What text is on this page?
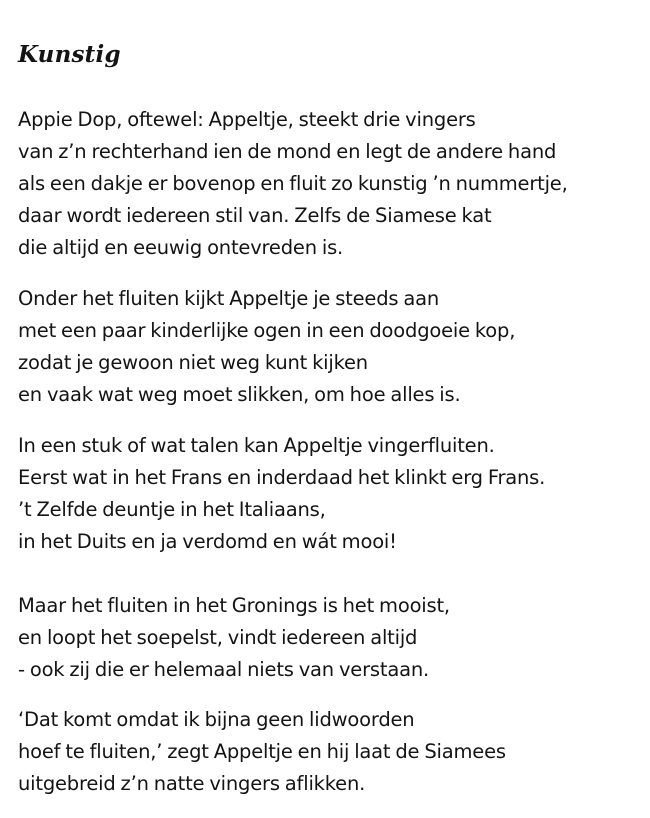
Kunstig
Appie Dop, oftewel: Appeltje, steekt drie vingers
van z’n rechterhand ien de mond en legt de andere hand
als een dakje er bovenop en fluit zo kunstig ’n nummertje,
daar wordt iedereen stil van. Zelfs de Siamese kat
die altijd en eeuwig ontevreden is.
Onder het fluiten kijkt Appeltje je steeds aan
met een paar kinderlijke ogen in een doodgoeie kop,
zodat je gewoon niet weg kunt kijken
en vaak wat weg moet slikken, om hoe alles is.
In een stuk of wat talen kan Appeltje vingerfluiten.
Eerst wat in het Frans en inderdaad het klinkt erg Frans.
’t Zelfde deuntje in het Italiaans,
in het Duits en ja verdomd en wát mooi!
Maar het fluiten in het Gronings is het mooist,
en loopt het soepelst, vindt iedereen altijd
- ook zij die er helemaal niets van verstaan.
‘Dat komt omdat ik bijna geen lidwoorden
hoef te fluiten,’ zegt Appeltje en hij laat de Siamees
uitgebreid z’n natte vingers aflikken.
